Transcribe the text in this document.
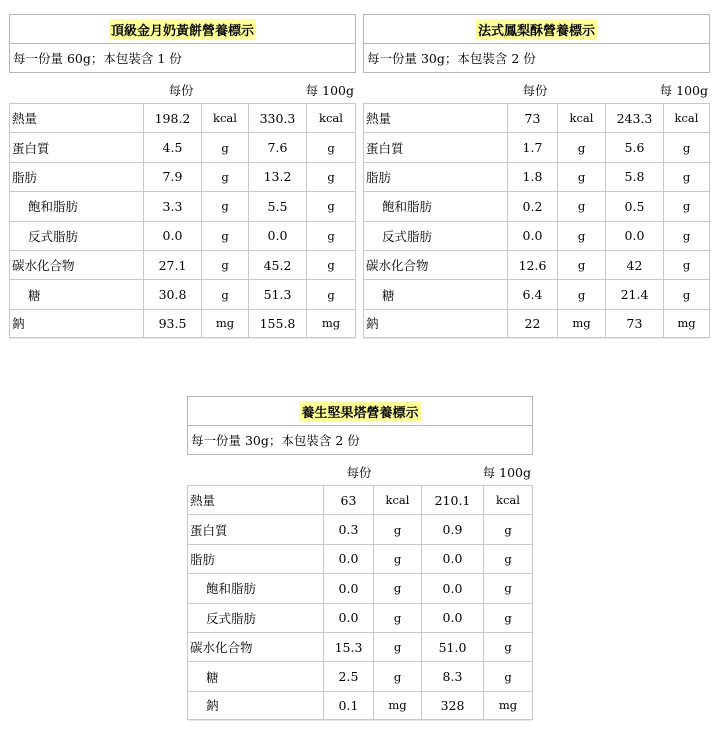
頂級金月奶黃餅營養標示
每一份量 60g；本包裝含 1 份
每份	每 100g
熱量	198.2	kcal	330.3	kcal
蛋白質	4.5	g	7.6	g
脂肪	7.9	g	13.2	g
飽和脂肪	3.3	g	5.5	g
反式脂肪	0.0	g	0.0	g
碳水化合物	27.1	g	45.2	g
糖	30.8	g	51.3	g
鈉	93.5	mg	155.8	mg
法式鳳梨酥營養標示
每一份量 30g；本包裝含 2 份
每份	每 100g
熱量	73	kcal	243.3	kcal
蛋白質	1.7	g	5.6	g
脂肪	1.8	g	5.8	g
飽和脂肪	0.2	g	0.5	g
反式脂肪	0.0	g	0.0	g
碳水化合物	12.6	g	42	g
糖	6.4	g	21.4	g
鈉	22	mg	73	mg
養生堅果塔營養標示
每一份量 30g；本包裝含 2 份
每份	每 100g
熱量	63	kcal	210.1	kcal
蛋白質	0.3	g	0.9	g
脂肪	0.0	g	0.0	g
飽和脂肪	0.0	g	0.0	g
反式脂肪	0.0	g	0.0	g
碳水化合物	15.3	g	51.0	g
糖	2.5	g	8.3	g
鈉	0.1	mg	328	mg
